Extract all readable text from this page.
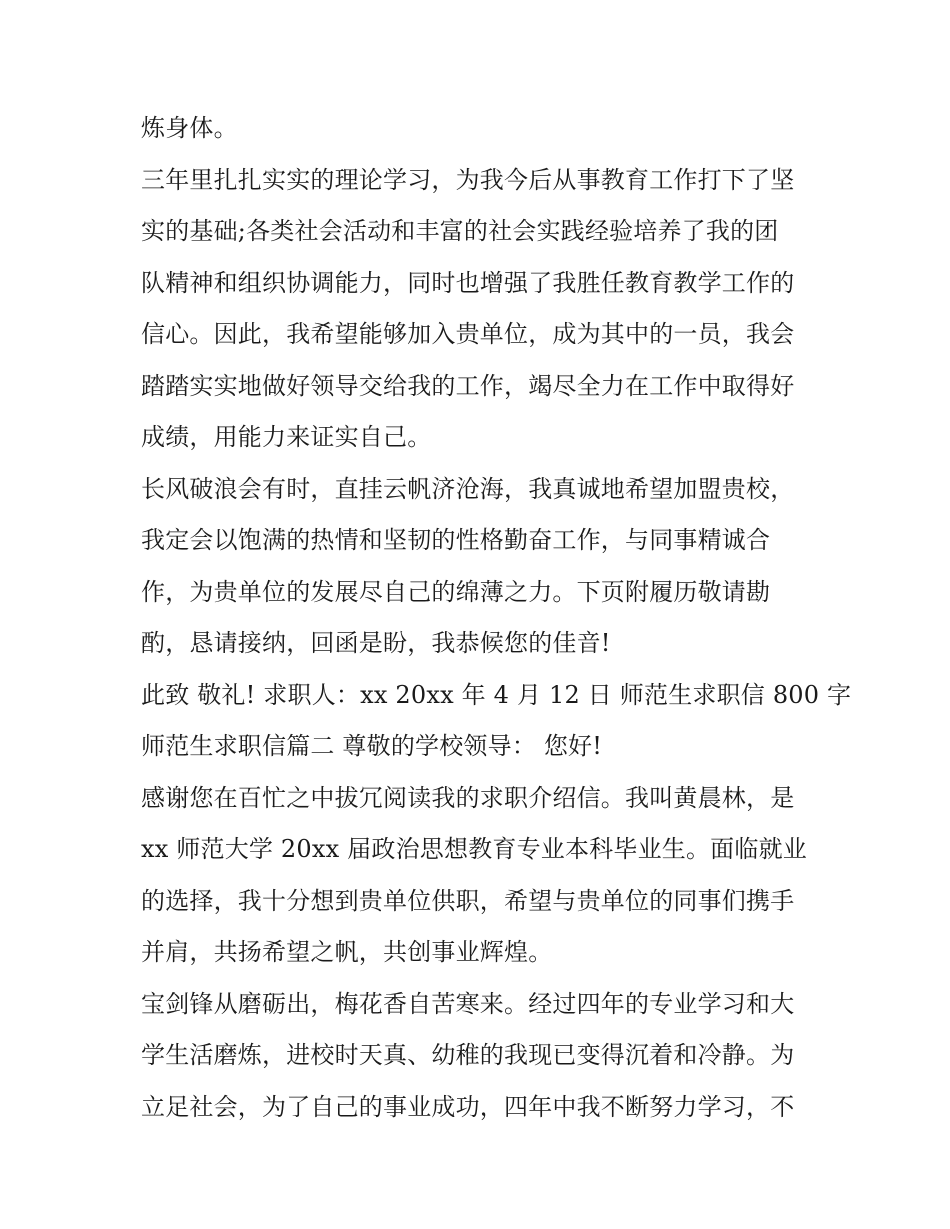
炼身体。
三年里扎扎实实的理论学习，为我今后从事教育工作打下了坚
实的基础;各类社会活动和丰富的社会实践经验培养了我的团
队精神和组织协调能力，同时也增强了我胜任教育教学工作的
信心。因此，我希望能够加入贵单位，成为其中的一员，我会
踏踏实实地做好领导交给我的工作，竭尽全力在工作中取得好
成绩，用能力来证实自己。
长风破浪会有时，直挂云帆济沧海，我真诚地希望加盟贵校，
我定会以饱满的热情和坚韧的性格勤奋工作，与同事精诚合
作，为贵单位的发展尽自己的绵薄之力。下页附履历敬请勘
酌，恳请接纳，回函是盼，我恭候您的佳音!
此致 敬礼! 求职人：xx 20xx 年 4 月 12 日 师范生求职信 800 字
师范生求职信篇二 尊敬的学校领导： 您好!
感谢您在百忙之中拔冗阅读我的求职介绍信。我叫黄晨林，是
xx 师范大学 20xx 届政治思想教育专业本科毕业生。面临就业
的选择，我十分想到贵单位供职，希望与贵单位的同事们携手
并肩，共扬希望之帆，共创事业辉煌。
宝剑锋从磨砺出，梅花香自苦寒来。经过四年的专业学习和大
学生活磨炼，进校时天真、幼稚的我现已变得沉着和冷静。为
立足社会，为了自己的事业成功，四年中我不断努力学习，不
